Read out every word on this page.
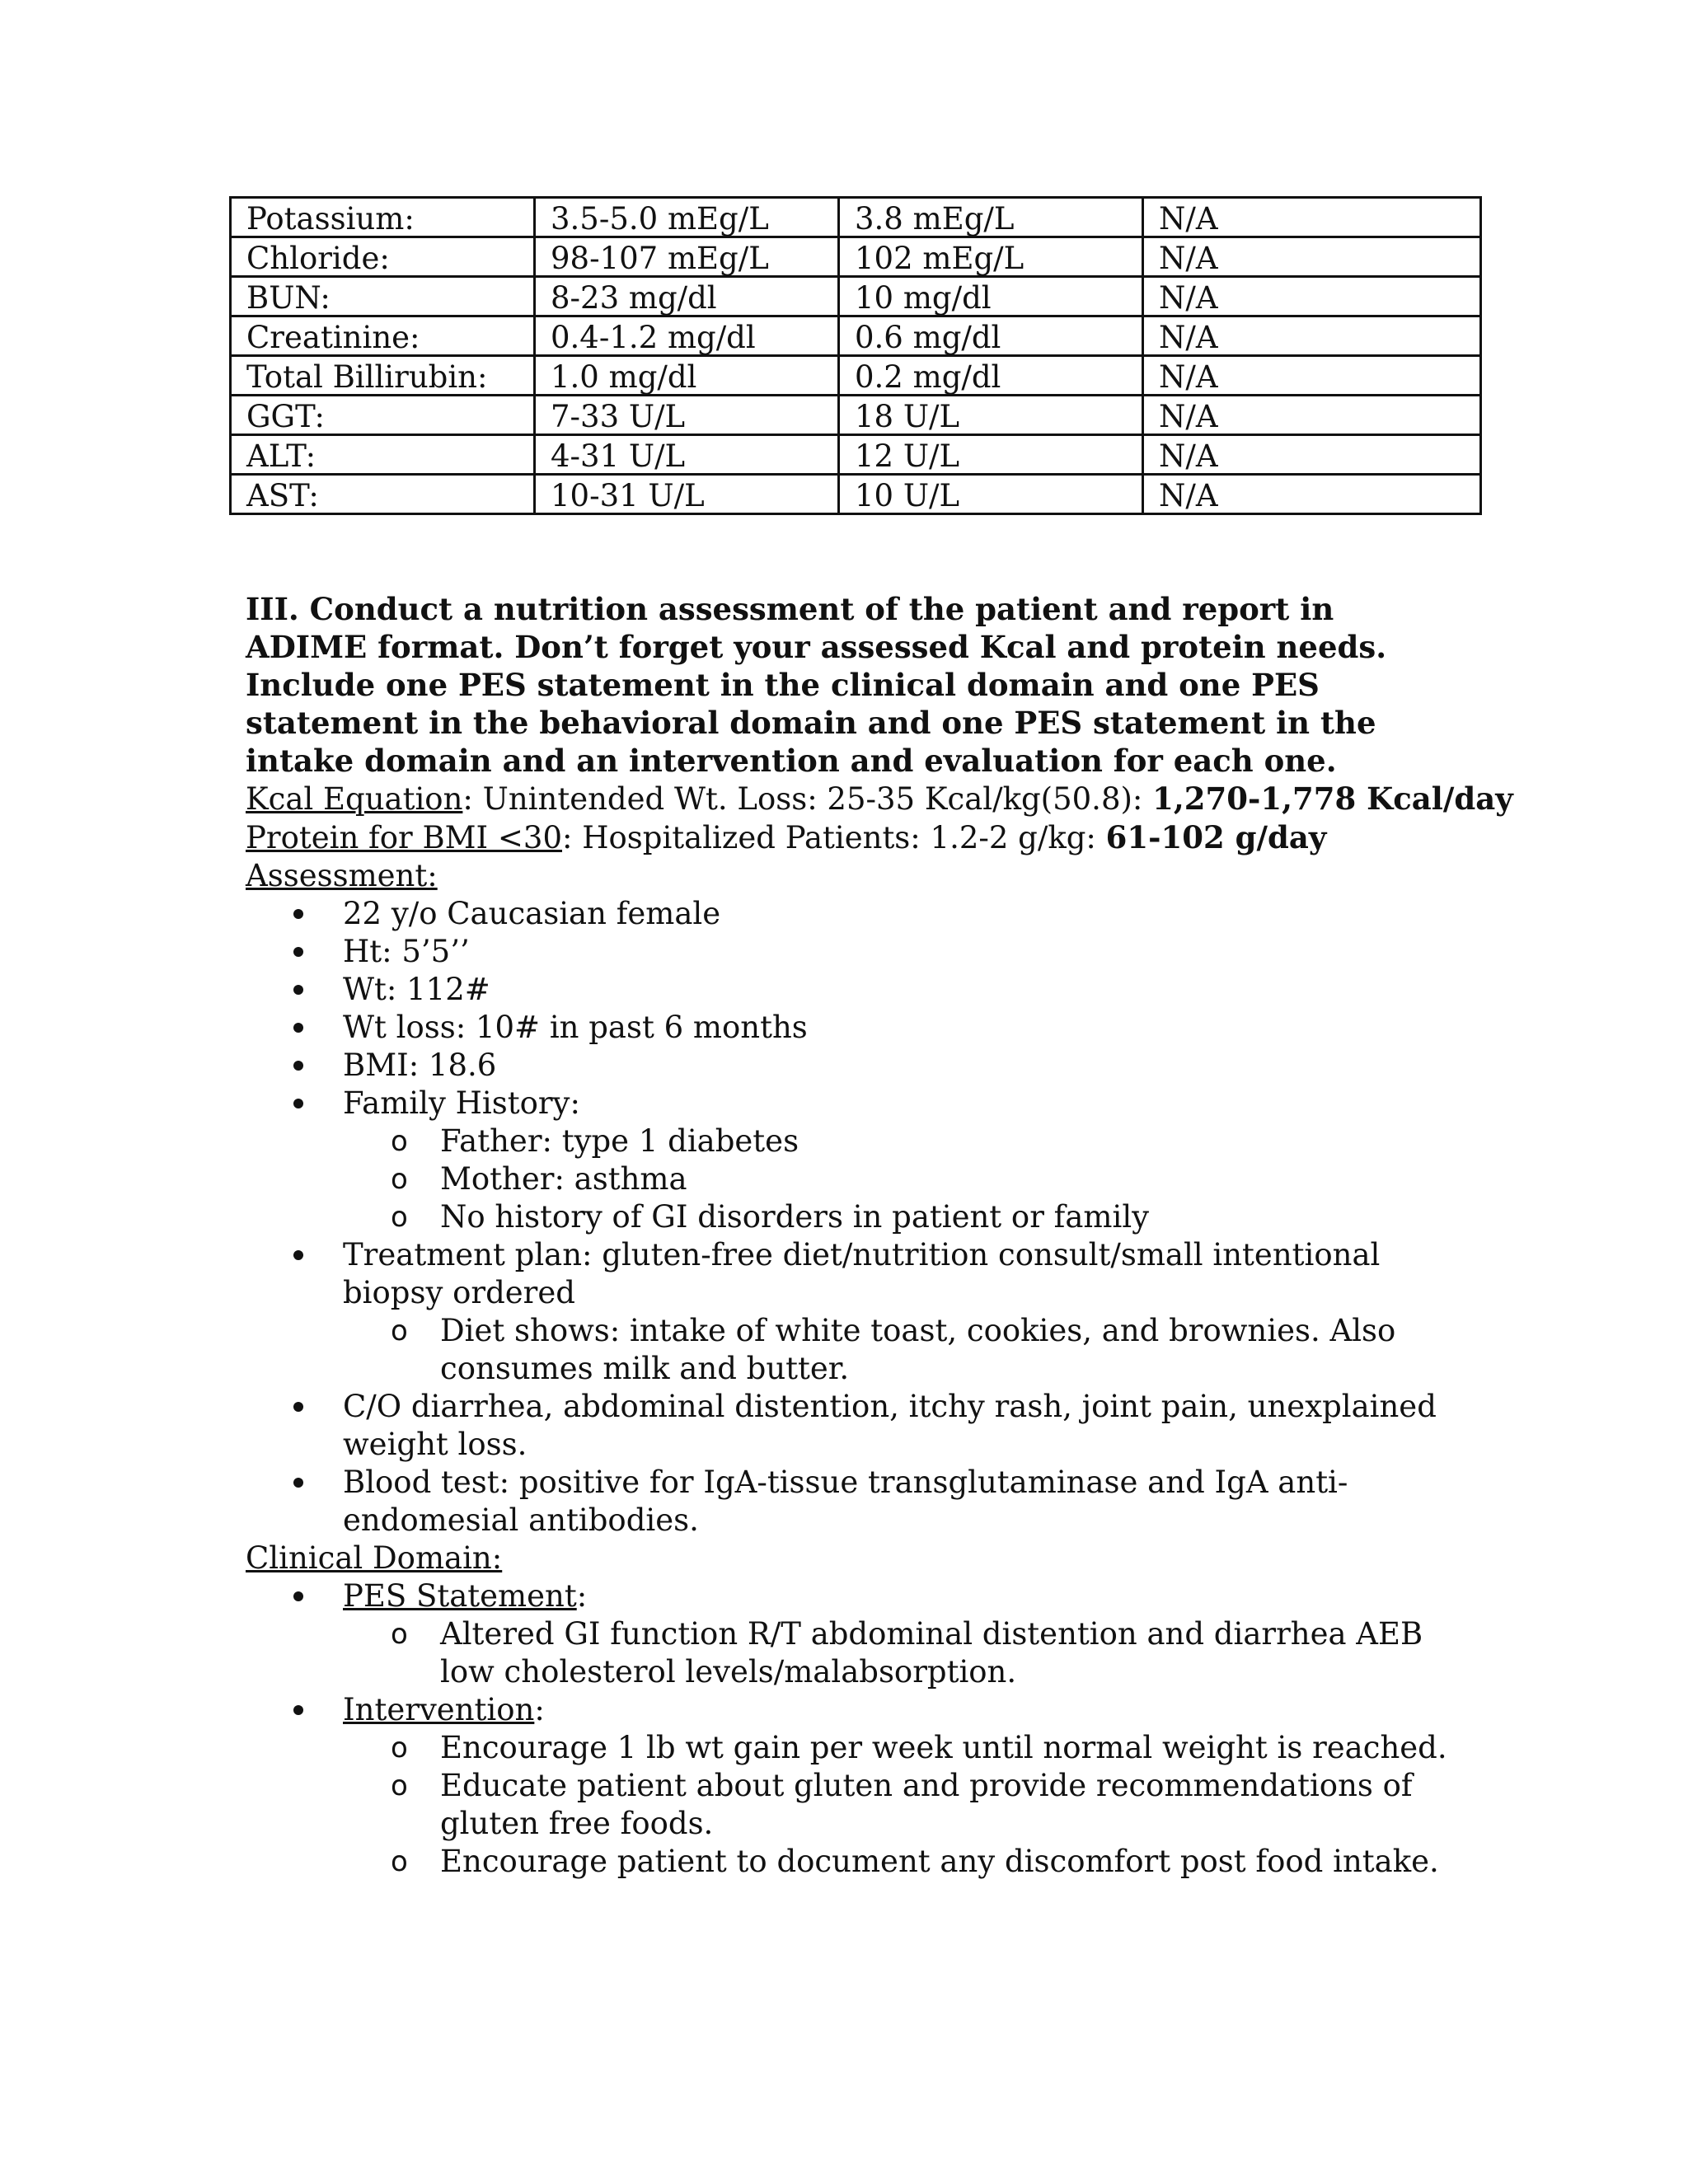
Potassium:	3.5-5.0 mEg/L	3.8 mEg/L	N/A
Chloride:	98-107 mEg/L	102 mEg/L	N/A
BUN:	8-23 mg/dl	10 mg/dl	N/A
Creatinine:	0.4-1.2 mg/dl	0.6 mg/dl	N/A
Total Billirubin:	1.0 mg/dl	0.2 mg/dl	N/A
GGT:	7-33 U/L	18 U/L	N/A
ALT:	4-31 U/L	12 U/L	N/A
AST:	10-31 U/L	10 U/L	N/A

III. Conduct a nutrition assessment of the patient and report in ADIME format. Don’t forget your assessed Kcal and protein needs. Include one PES statement in the clinical domain and one PES statement in the behavioral domain and one PES statement in the intake domain and an intervention and evaluation for each one.

Kcal Equation: Unintended Wt. Loss: 25-35 Kcal/kg(50.8): 1,270-1,778 Kcal/day

Protein for BMI <30: Hospitalized Patients: 1.2-2 g/kg: 61-102 g/day

Assessment:

22 y/o Caucasian female
Ht: 5’5’’
Wt: 112#
Wt loss: 10# in past 6 months
BMI: 18.6
Family History:
o Father: type 1 diabetes
o Mother: asthma
o No history of GI disorders in patient or family
Treatment plan: gluten-free diet/nutrition consult/small intentional biopsy ordered
o Diet shows: intake of white toast, cookies, and brownies. Also consumes milk and butter.
C/O diarrhea, abdominal distention, itchy rash, joint pain, unexplained weight loss.
Blood test: positive for IgA-tissue transglutaminase and IgA anti-endomesial antibodies.

Clinical Domain:

PES Statement:
o Altered GI function R/T abdominal distention and diarrhea AEB low cholesterol levels/malabsorption.
Intervention:
o Encourage 1 lb wt gain per week until normal weight is reached.
o Educate patient about gluten and provide recommendations of gluten free foods.
o Encourage patient to document any discomfort post food intake.
